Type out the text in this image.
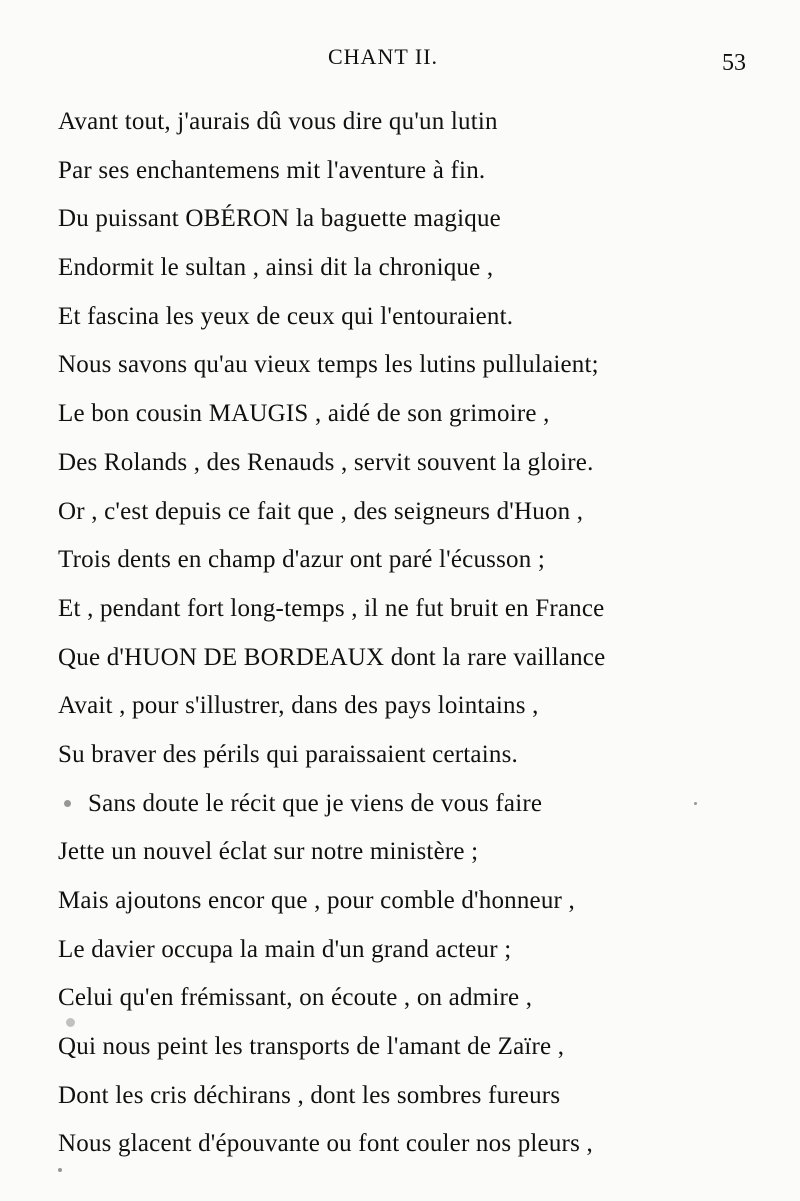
CHANT II.	53
Avant tout, j'aurais dû vous dire qu'un lutin
Par ses enchantemens mit l'aventure à fin.
Du puissant OBÉRON la baguette magique
Endormit le sultan , ainsi dit la chronique ,
Et fascina les yeux de ceux qui l'entouraient.
Nous savons qu'au vieux temps les lutins pullulaient;
Le bon cousin MAUGIS , aidé de son grimoire ,
Des Rolands , des Renauds , servit souvent la gloire.
Or , c'est depuis ce fait que , des seigneurs d'Huon ,
Trois dents en champ d'azur ont paré l'écusson ;
Et , pendant fort long-temps , il ne fut bruit en France
Que d'HUON DE BORDEAUX dont la rare vaillance
Avait , pour s'illustrer, dans des pays lointains ,
Su braver des périls qui paraissaient certains.
Sans doute le récit que je viens de vous faire
Jette un nouvel éclat sur notre ministère ;
Mais ajoutons encor que , pour comble d'honneur ,
Le davier occupa la main d'un grand acteur ;
Celui qu'en frémissant, on écoute , on admire ,
Qui nous peint les transports de l'amant de Zaïre ,
Dont les cris déchirans , dont les sombres fureurs
Nous glacent d'épouvante ou font couler nos pleurs ,
